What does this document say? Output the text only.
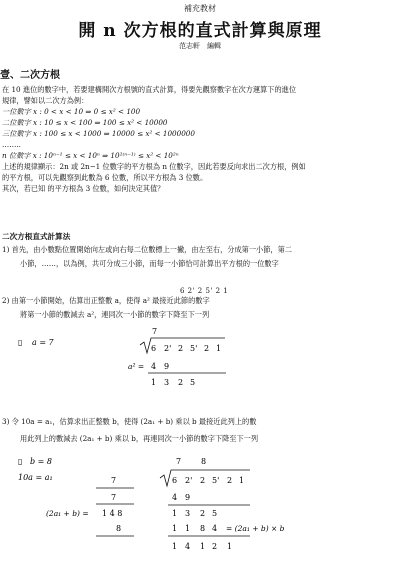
補充教材
開 n 次方根的直式計算與原理
范志軒　編輯
壹、二次方根
在 10 進位的數字中，若要建構開次方根號的直式計算，得要先觀察數字在次方運算下的進位
規律，譬如以二次方為例：
一位數字 x : 0 < x < 10 ⇒ 0 ≤ x² < 100
二位數字 x : 10 ≤ x < 100 ⇒ 100 ≤ x² < 10000
三位數字 x : 100 ≤ x < 1000 ⇒ 10000 ≤ x² < 1000000
……..
n 位數字 x : 10ⁿ⁻¹ ≤ x < 10ⁿ ⇒ 10²⁽ⁿ⁻¹⁾ ≤ x² < 10²ⁿ
上述的規律顯示：2n 或 2n−1 位數字的平方根為 n 位數字，因此若要反向求出二次方根，例如
的平方根，可以先觀察到此數為 6 位數，所以平方根為 3 位數。
其次，若已知 的平方根為 3 位數，如何決定其值？
二次方根直式計算法
1) 首先，由小數點位置開始向左或向右每二位數標上一撇，由左至右，分成第一小節，第二
小節，……，以為例，共可分成三小節，而每一小節恰可計算出平方根的一位數字
6 2' 2 5' 2 1
2) 由第一小節開始，估算出正整數 a，使得 a² 最接近此節的數字
將第一小節的數減去 a²，連同次一小節的數字下降至下一列
▯ a = 7
7
6 2' 2 5' 2 1
a² = 4 9
1 3 2 5
3) 令 10a = a₁，估算求出正整數 b，使得 (2a₁ + b) 乘以 b 最接近此列上的數
用此列上的數減去 (2a₁ + b) 乘以 b，再連同次一小節的數字下降至下一列
▯ b = 8
10a = a₁
7 8
6 2' 2 5' 2 1
7
7
(2a₁ + b) = 1 4 8
8
4 9
1 3 2 5
1 1 8 4 = (2a₁ + b) × b
1 4 1 2 1
